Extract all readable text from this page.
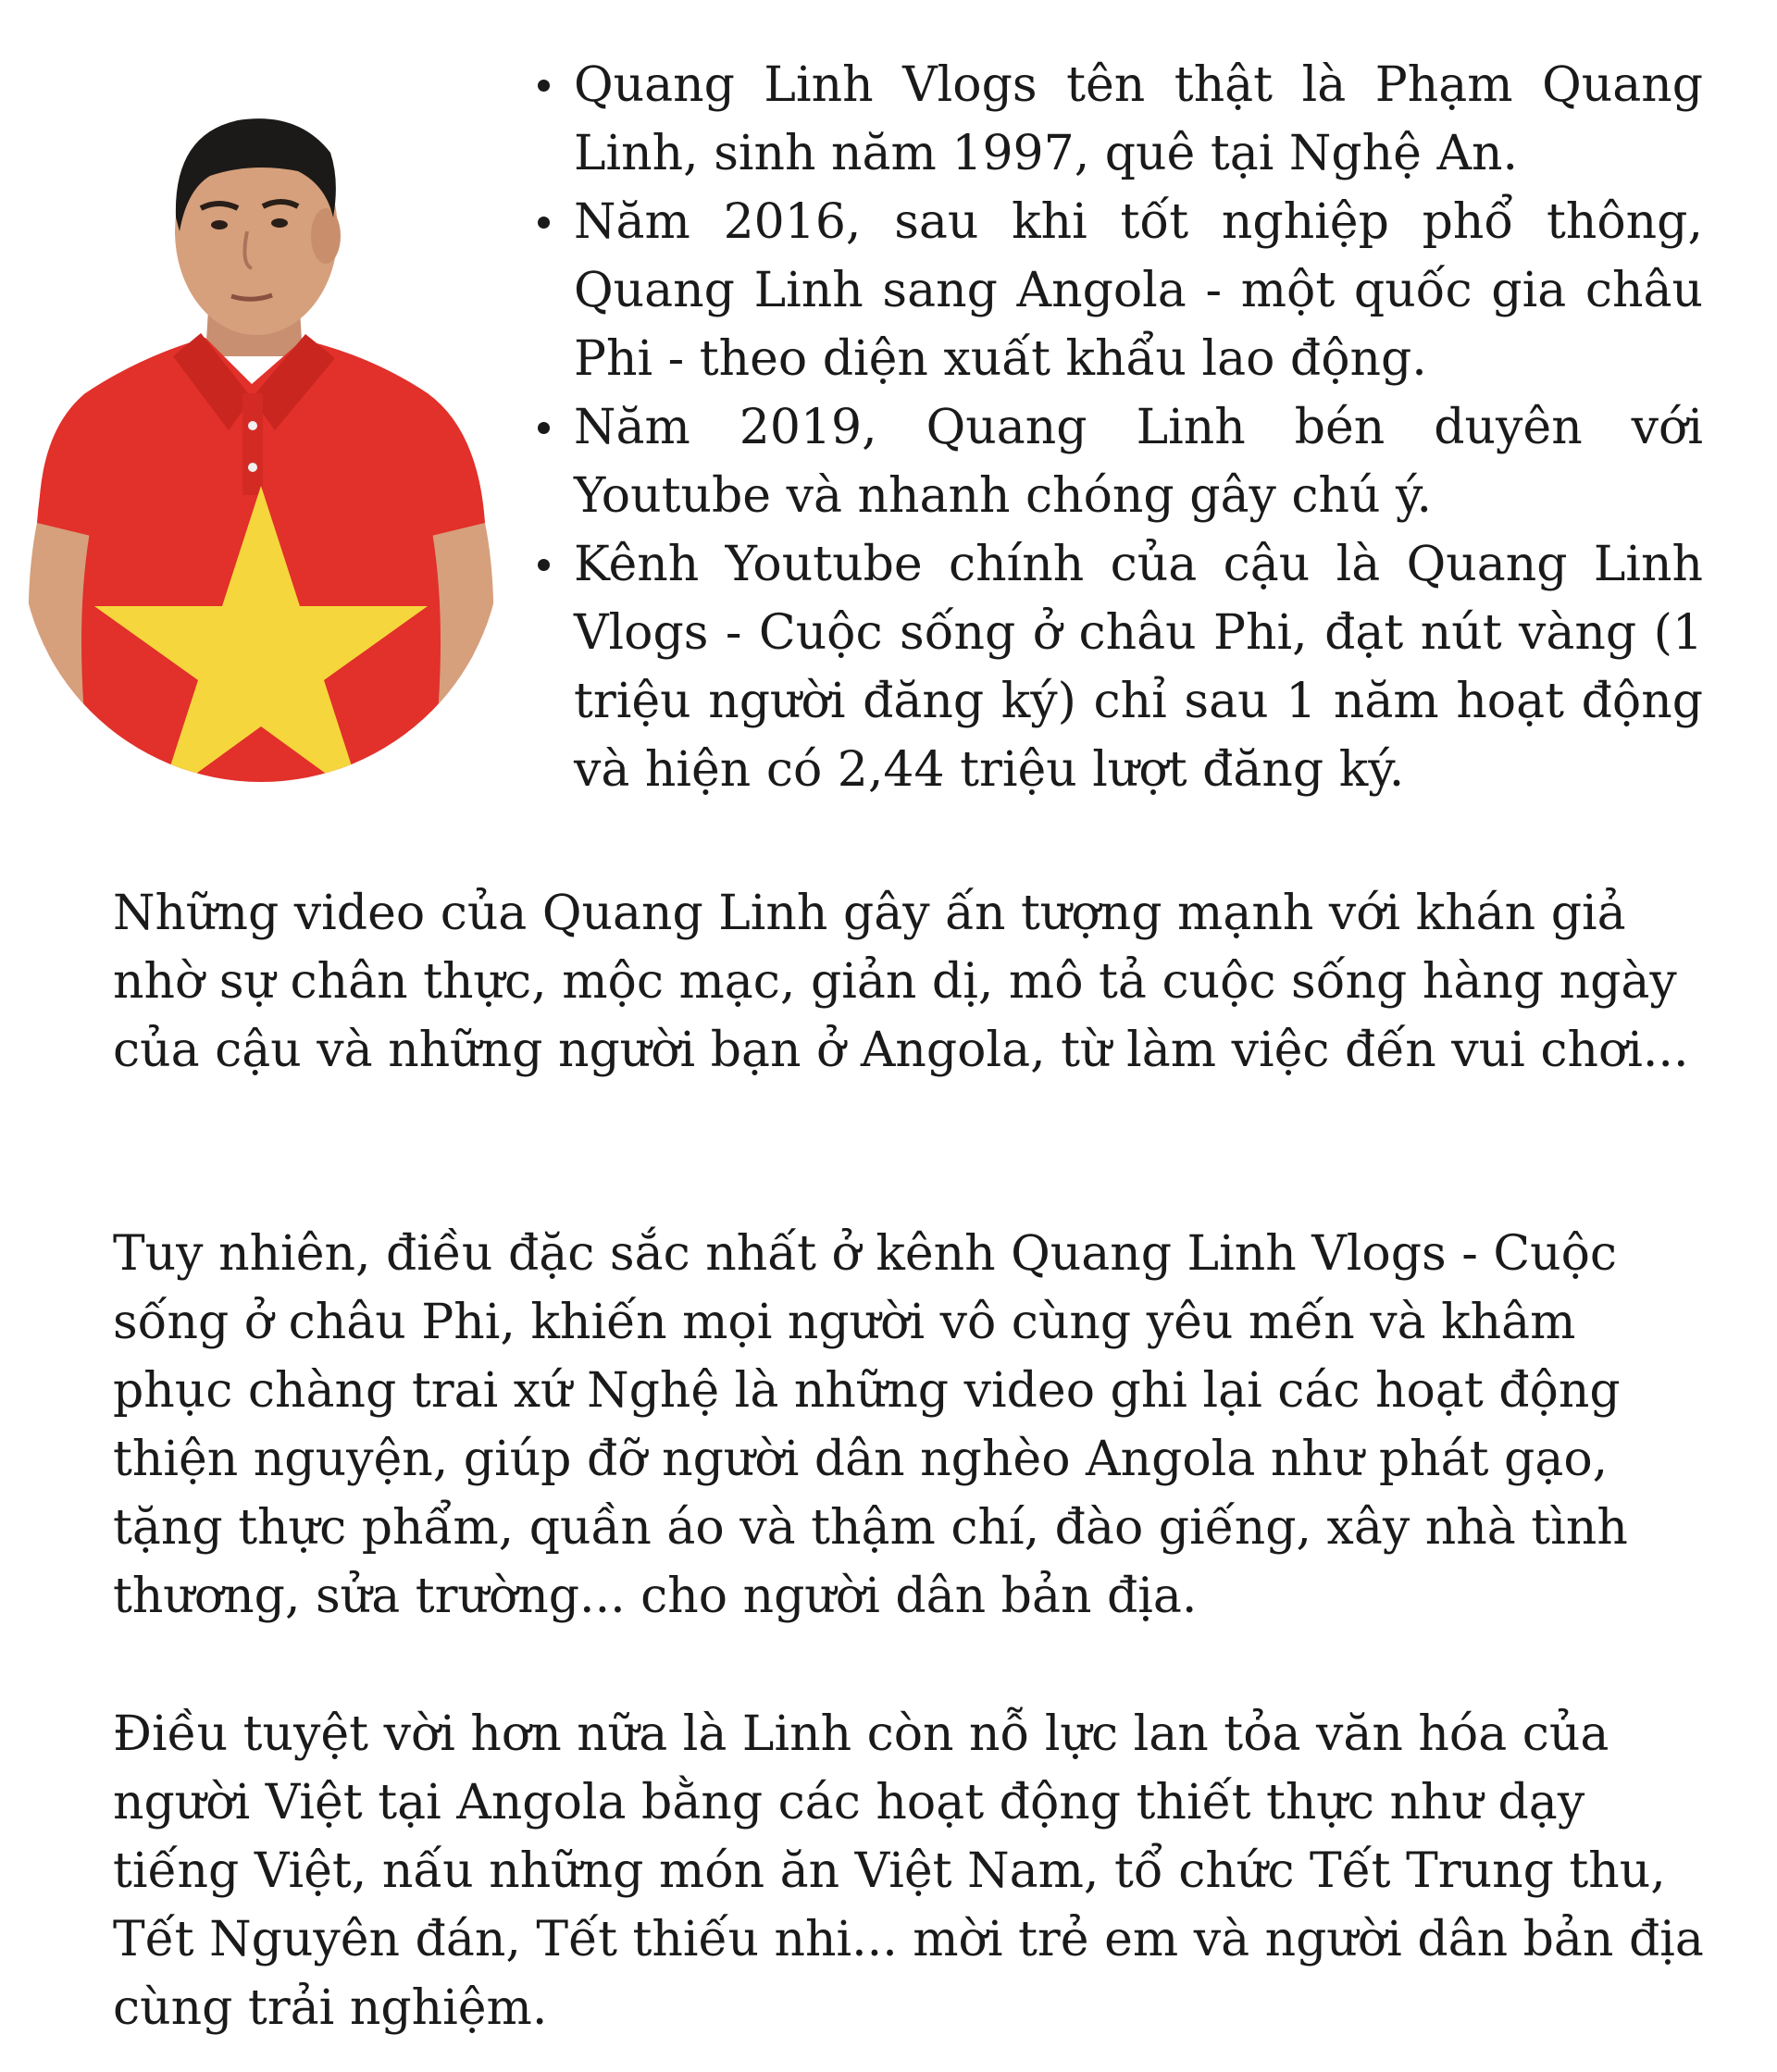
Quang Linh Vlogs tên thật là Phạm Quang Linh, sinh năm 1997, quê tại Nghệ An.
Năm 2016, sau khi tốt nghiệp phổ thông, Quang Linh sang Angola - một quốc gia châu Phi - theo diện xuất khẩu lao động.
Năm 2019, Quang Linh bén duyên với Youtube và nhanh chóng gây chú ý.
Kênh Youtube chính của cậu là Quang Linh Vlogs - Cuộc sống ở châu Phi, đạt nút vàng (1 triệu người đăng ký) chỉ sau 1 năm hoạt động và hiện có 2,44 triệu lượt đăng ký.

Những video của Quang Linh gây ấn tượng mạnh với khán giả nhờ sự chân thực, mộc mạc, giản dị, mô tả cuộc sống hàng ngày của cậu và những người bạn ở Angola, từ làm việc đến vui chơi...

Tuy nhiên, điều đặc sắc nhất ở kênh Quang Linh Vlogs - Cuộc sống ở châu Phi, khiến mọi người vô cùng yêu mến và khâm phục chàng trai xứ Nghệ là những video ghi lại các hoạt động thiện nguyện, giúp đỡ người dân nghèo Angola như phát gạo, tặng thực phẩm, quần áo và thậm chí, đào giếng, xây nhà tình thương, sửa trường... cho người dân bản địa.

Điều tuyệt vời hơn nữa là Linh còn nỗ lực lan tỏa văn hóa của người Việt tại Angola bằng các hoạt động thiết thực như dạy tiếng Việt, nấu những món ăn Việt Nam, tổ chức Tết Trung thu, Tết Nguyên đán, Tết thiếu nhi... mời trẻ em và người dân bản địa cùng trải nghiệm.
